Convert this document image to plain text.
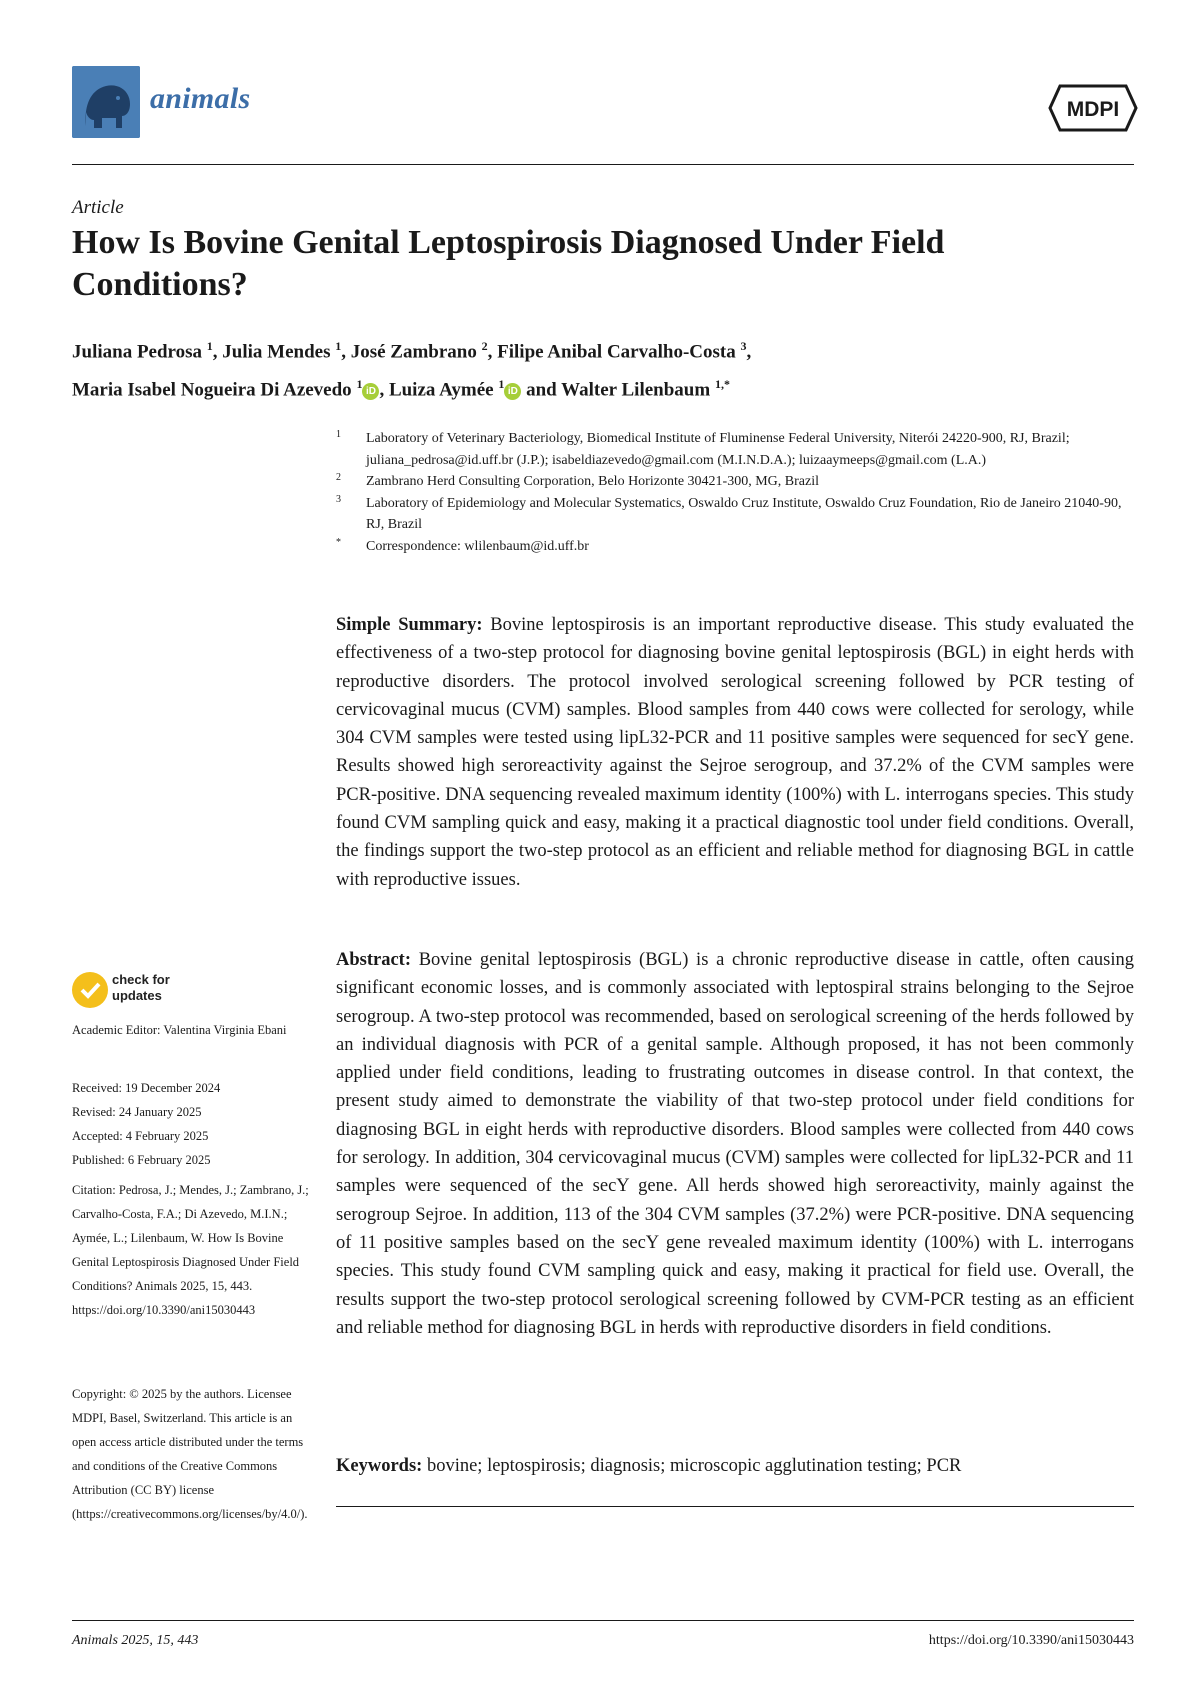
animals	MDPI
Article
How Is Bovine Genital Leptospirosis Diagnosed Under Field Conditions?
Juliana Pedrosa $^1$, Julia Mendes $^1$, José Zambrano $^2$, Filipe Anibal Carvalho-Costa $^3$,
Maria Isabel Nogueira Di Azevedo $^1$ iD , Luiza Aymée $^1$ iD and Walter Lilenbaum $^{1,*}$
1 Laboratory of Veterinary Bacteriology, Biomedical Institute of Fluminense Federal University, Niterói 24220-900, RJ, Brazil; juliana_pedrosa@id.uff.br (J.P.); isabeldiazevedo@gmail.com (M.I.N.D.A.); luizaaymeeps@gmail.com (L.A.)
2 Zambrano Herd Consulting Corporation, Belo Horizonte 30421-300, MG, Brazil
3 Laboratory of Epidemiology and Molecular Systematics, Oswaldo Cruz Institute, Oswaldo Cruz Foundation, Rio de Janeiro 21040-90, RJ, Brazil
* Correspondence: wlilenbaum@id.uff.br

Simple Summary: Bovine leptospirosis is an important reproductive disease. This study evaluated the effectiveness of a two-step protocol for diagnosing bovine genital leptospirosis (BGL) in eight herds with reproductive disorders. The protocol involved serological screening followed by PCR testing of cervicovaginal mucus (CVM) samples. Blood samples from 440 cows were collected for serology, while 304 CVM samples were tested using lipL32-PCR and 11 positive samples were sequenced for secY gene. Results showed high seroreactivity against the Sejroe serogroup, and 37.2% of the CVM samples were PCR-positive. DNA sequencing revealed maximum identity (100%) with L. interrogans species. This study found CVM sampling quick and easy, making it a practical diagnostic tool under field conditions. Overall, the findings support the two-step protocol as an efficient and reliable method for diagnosing BGL in cattle with reproductive issues.

Abstract: Bovine genital leptospirosis (BGL) is a chronic reproductive disease in cattle, often causing significant economic losses, and is commonly associated with leptospiral strains belonging to the Sejroe serogroup. A two-step protocol was recommended, based on serological screening of the herds followed by an individual diagnosis with PCR of a genital sample. Although proposed, it has not been commonly applied under field conditions, leading to frustrating outcomes in disease control. In that context, the present study aimed to demonstrate the viability of that two-step protocol under field conditions for diagnosing BGL in eight herds with reproductive disorders. Blood samples were collected from 440 cows for serology. In addition, 304 cervicovaginal mucus (CVM) samples were collected for lipL32-PCR and 11 samples were sequenced of the secY gene. All herds showed high seroreactivity, mainly against the serogroup Sejroe. In addition, 113 of the 304 CVM samples (37.2%) were PCR-positive. DNA sequencing of 11 positive samples based on the secY gene revealed maximum identity (100%) with L. interrogans species. This study found CVM sampling quick and easy, making it practical for field use. Overall, the results support the two-step protocol serological screening followed by CVM-PCR testing as an efficient and reliable method for diagnosing BGL in herds with reproductive disorders in field conditions.

Keywords: bovine; leptospirosis; diagnosis; microscopic agglutination testing; PCR
check for updates
Academic Editor: Valentina Virginia Ebani
Received: 19 December 2024
Revised: 24 January 2025
Accepted: 4 February 2025
Published: 6 February 2025
Citation: Pedrosa, J.; Mendes, J.; Zambrano, J.; Carvalho-Costa, F.A.; Di Azevedo, M.I.N.; Aymée, L.; Lilenbaum, W. How Is Bovine Genital Leptospirosis Diagnosed Under Field Conditions? Animals 2025, 15, 443. https://doi.org/10.3390/ani15030443
Copyright: © 2025 by the authors. Licensee MDPI, Basel, Switzerland. This article is an open access article distributed under the terms and conditions of the Creative Commons Attribution (CC BY) license (https://creativecommons.org/licenses/by/4.0/).
Animals 2025, 15, 443	https://doi.org/10.3390/ani15030443
